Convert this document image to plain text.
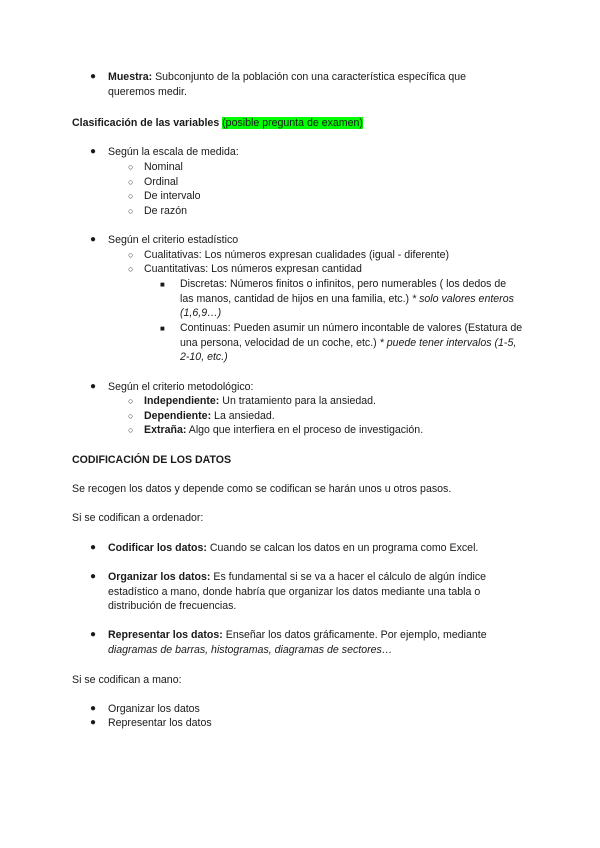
●	Muestra: Subconjunto de la población con una característica específica que queremos medir.

Clasificación de las variables (posible pregunta de examen)

●	Según la escala de medida:
○ Nominal
○ Ordinal
○ De intervalo
○ De razón
●	Según el criterio estadístico
○ Cualitativas: Los números expresan cualidades (igual - diferente)
○ Cuantitativas: Los números expresan cantidad
■	Discretas: Números finitos o infinitos, pero numerables ( los dedos de las manos, cantidad de hijos en una familia, etc.) * solo valores enteros (1,6,9…)
■	Continuas: Pueden asumir un número incontable de valores (Estatura de una persona, velocidad de un coche, etc.) * puede tener intervalos (1-5, 2-10, etc.)
●	Según el criterio metodológico:
○ Independiente: Un tratamiento para la ansiedad.
○ Dependiente: La ansiedad.
○ Extraña: Algo que interfiera en el proceso de investigación.

CODIFICACIÓN DE LOS DATOS

Se recogen los datos y depende como se codifican se harán unos u otros pasos.

Si se codifican a ordenador:

●	Codificar los datos: Cuando se calcan los datos en un programa como Excel.
●	Organizar los datos: Es fundamental si se va a hacer el cálculo de algún índice estadístico a mano, donde habría que organizar los datos mediante una tabla o distribución de frecuencias.
●	Representar los datos: Enseñar los datos gráficamente. Por ejemplo, mediante diagramas de barras, histogramas, diagramas de sectores…

Si se codifican a mano:

●	Organizar los datos
●	Representar los datos
